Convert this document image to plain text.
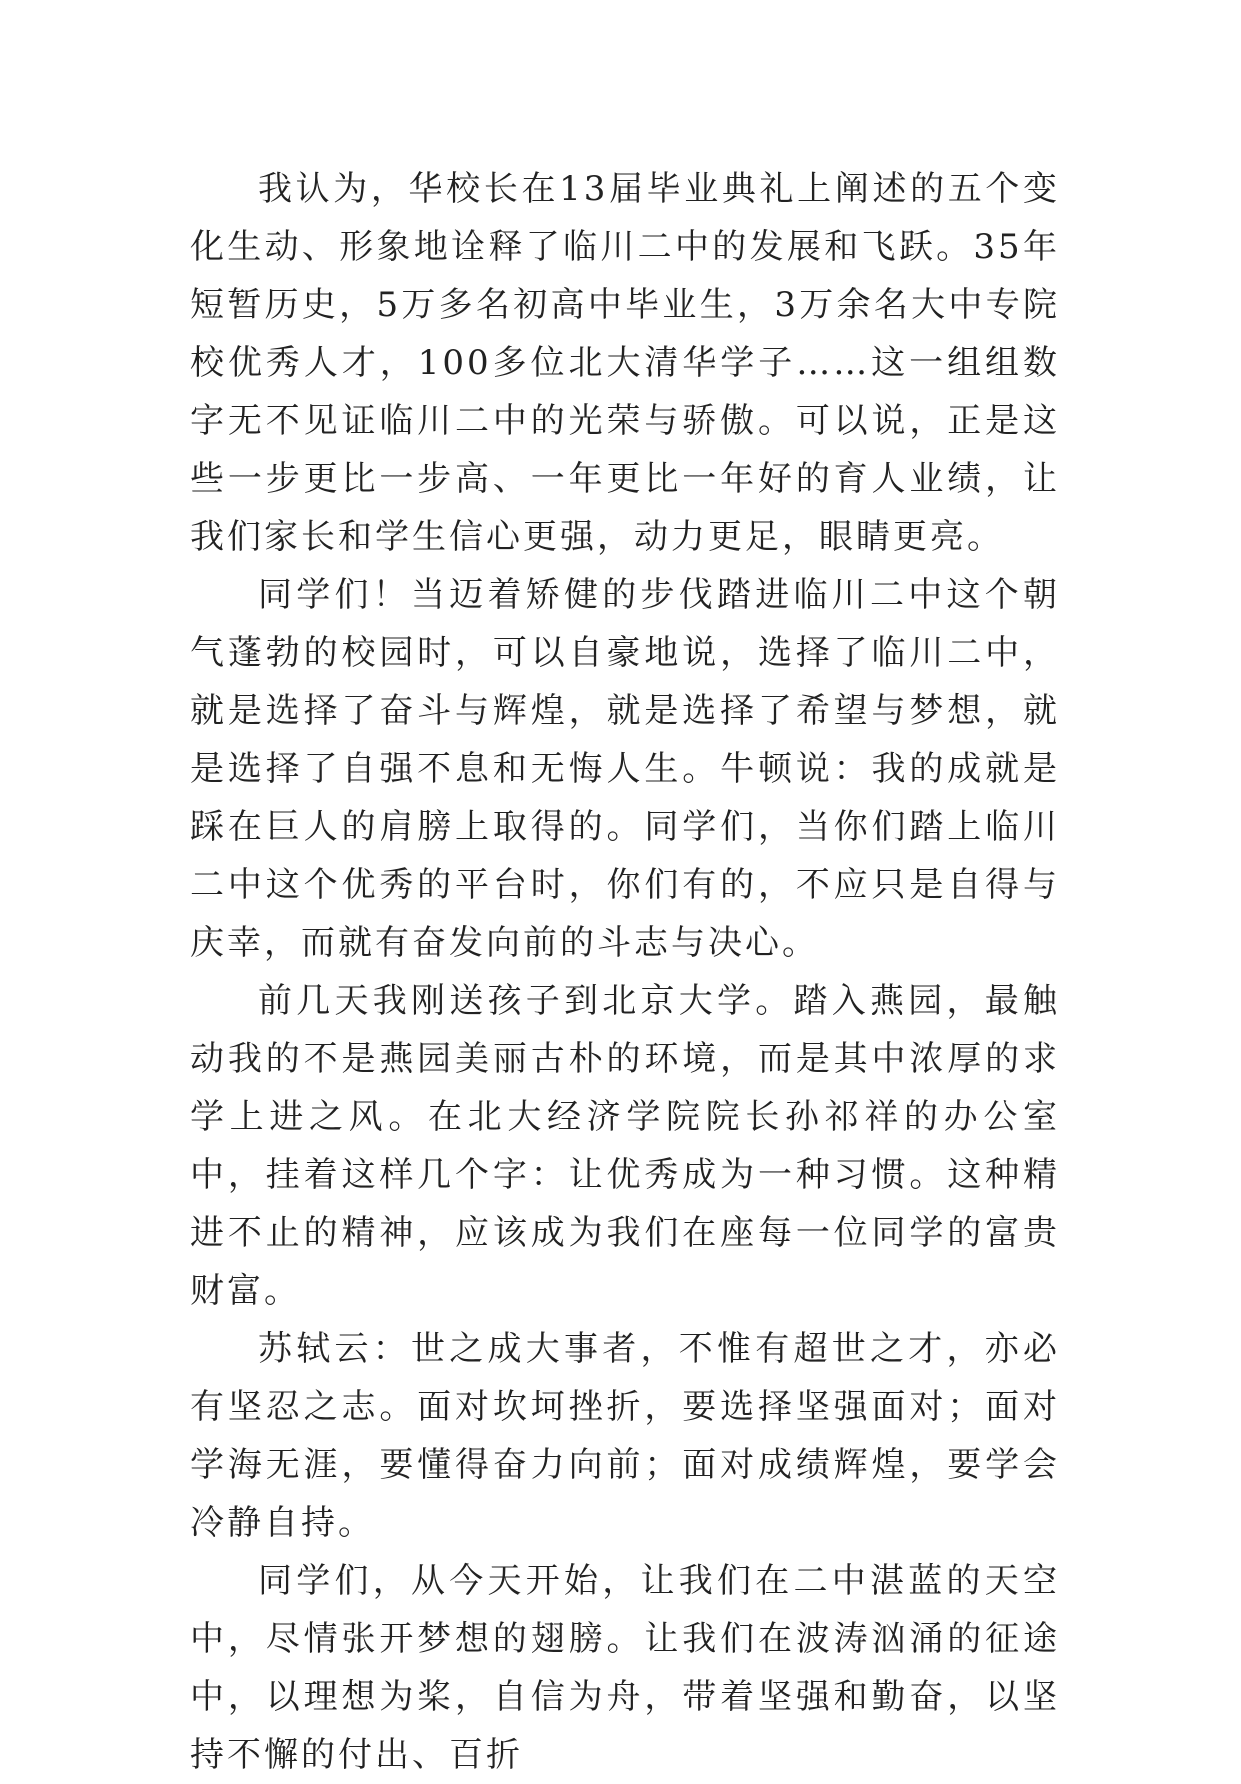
我认为，华校长在13届毕业典礼上阐述的五个变化生动、形象地诠释了临川二中的发展和飞跃。35年短暂历史，5万多名初高中毕业生，3万余名大中专院校优秀人才，100多位北大清华学子……这一组组数字无不见证临川二中的光荣与骄傲。可以说，正是这些一步更比一步高、一年更比一年好的育人业绩，让我们家长和学生信心更强，动力更足，眼睛更亮。

同学们！当迈着矫健的步伐踏进临川二中这个朝气蓬勃的校园时，可以自豪地说，选择了临川二中，就是选择了奋斗与辉煌，就是选择了希望与梦想，就是选择了自强不息和无悔人生。牛顿说：我的成就是踩在巨人的肩膀上取得的。同学们，当你们踏上临川二中这个优秀的平台时，你们有的，不应只是自得与庆幸，而就有奋发向前的斗志与决心。

前几天我刚送孩子到北京大学。踏入燕园，最触动我的不是燕园美丽古朴的环境，而是其中浓厚的求学上进之风。在北大经济学院院长孙祁祥的办公室中，挂着这样几个字：让优秀成为一种习惯。这种精进不止的精神，应该成为我们在座每一位同学的富贵财富。

苏轼云：世之成大事者，不惟有超世之才，亦必有坚忍之志。面对坎坷挫折，要选择坚强面对；面对学海无涯，要懂得奋力向前；面对成绩辉煌，要学会冷静自持。

同学们，从今天开始，让我们在二中湛蓝的天空中，尽情张开梦想的翅膀。让我们在波涛汹涌的征途中，以理想为桨，自信为舟，带着坚强和勤奋，以坚持不懈的付出、百折
